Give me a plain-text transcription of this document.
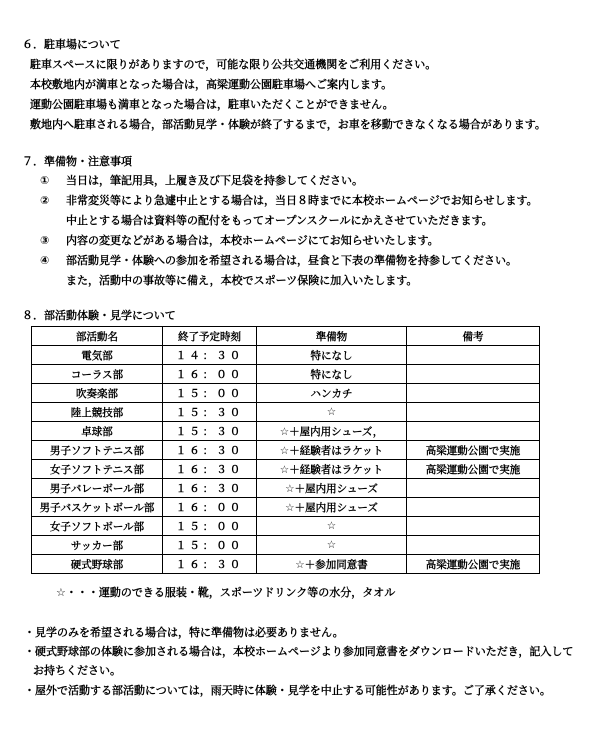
６．駐車場について
駐車スペースに限りがありますので，可能な限り公共交通機関をご利用ください。
本校敷地内が満車となった場合は，高梁運動公園駐車場へご案内します。
運動公園駐車場も満車となった場合は，駐車いただくことができません。
敷地内へ駐車される場合，部活動見学・体験が終了するまで，お車を移動できなくなる場合があります。
７．準備物・注意事項
① 当日は，筆記用具，上履き及び下足袋を持参してください。
② 非常変災等により急遽中止とする場合は，当日８時までに本校ホームページでお知らせします。
中止とする場合は資料等の配付をもってオープンスクールにかえさせていただきます。
③ 内容の変更などがある場合は，本校ホームページにてお知らせいたします。
④ 部活動見学・体験への参加を希望される場合は，昼食と下表の準備物を持参してください。
また，活動中の事故等に備え，本校でスポーツ保険に加入いたします。
８．部活動体験・見学について
部活動名	終了予定時刻	準備物	備考
電気部	１４：３０	特になし	
コーラス部	１６：００	特になし	
吹奏楽部	１５：００	ハンカチ	
陸上競技部	１５：３０	☆	
卓球部	１５：３０	☆＋屋内用シューズ，	
男子ソフトテニス部	１６：３０	☆＋経験者はラケット	高梁運動公園で実施
女子ソフトテニス部	１６：３０	☆＋経験者はラケット	高梁運動公園で実施
男子バレーボール部	１６：３０	☆＋屋内用シューズ	
男子バスケットボール部	１６：００	☆＋屋内用シューズ	
女子ソフトボール部	１５：００	☆	
サッカー部	１５：００	☆	
硬式野球部	１６：３０	☆＋参加同意書	高梁運動公園で実施
☆・・・運動のできる服装・靴，スポーツドリンク等の水分，タオル
・見学のみを希望される場合は，特に準備物は必要ありません。
・硬式野球部の体験に参加される場合は，本校ホームページより参加同意書をダウンロードいただき，記入して
お持ちください。
・屋外で活動する部活動については，雨天時に体験・見学を中止する可能性があります。ご了承ください。
